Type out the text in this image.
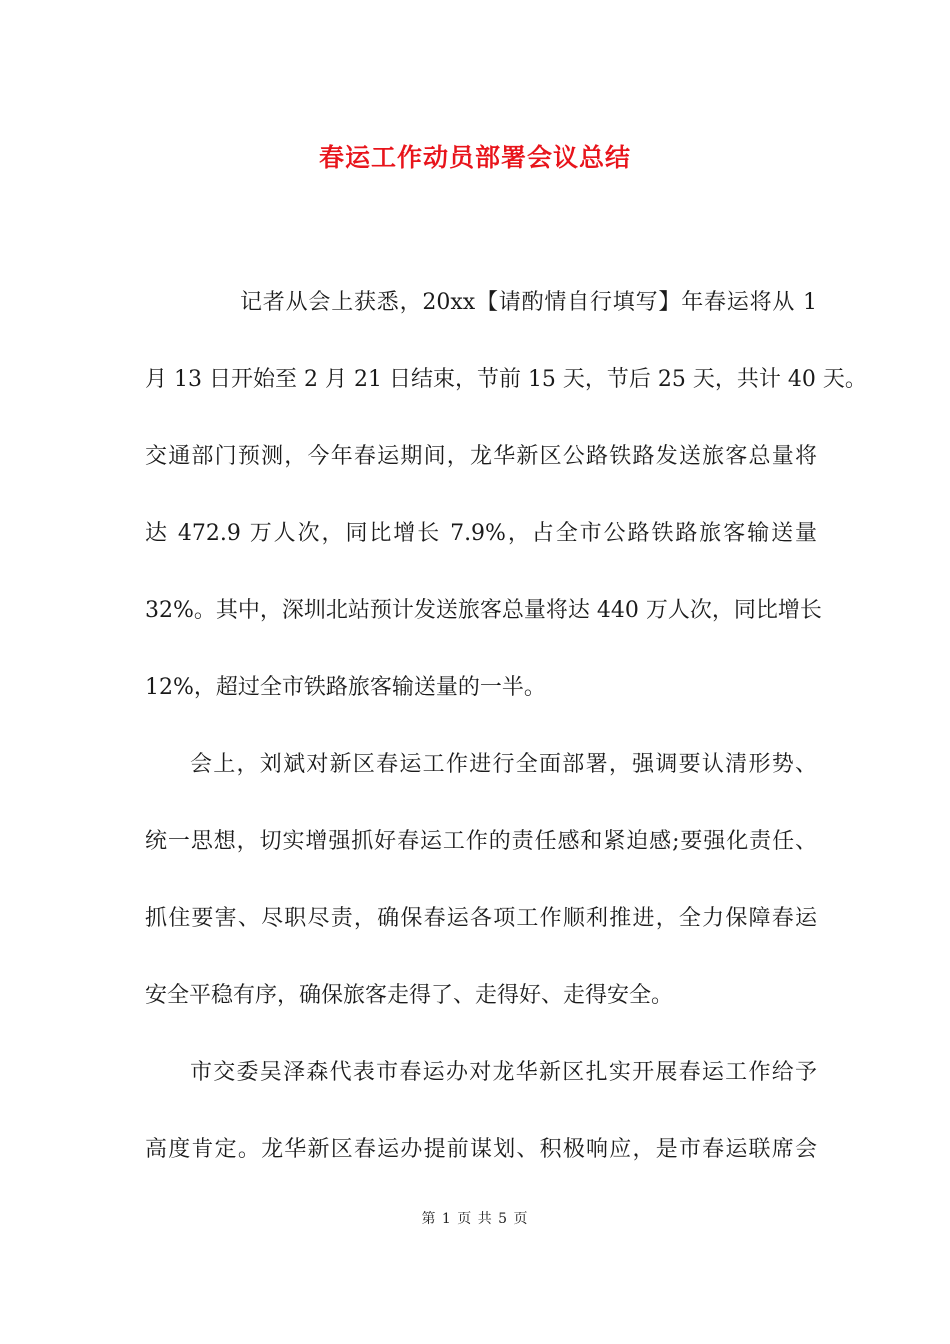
春运工作动员部署会议总结
记者从会上获悉，20xx【请酌情自行填写】年春运将从 1
月 13 日开始至 2 月 21 日结束，节前 15 天，节后 25 天，共计 40 天。
交通部门预测，今年春运期间，龙华新区公路铁路发送旅客总量将
达 472.9 万人次，同比增长 7.9%，占全市公路铁路旅客输送量
32%。其中，深圳北站预计发送旅客总量将达 440 万人次，同比增长
12%，超过全市铁路旅客输送量的一半。
会上，刘斌对新区春运工作进行全面部署，强调要认清形势、
统一思想，切实增强抓好春运工作的责任感和紧迫感;要强化责任、
抓住要害、尽职尽责，确保春运各项工作顺利推进，全力保障春运
安全平稳有序，确保旅客走得了、走得好、走得安全。
市交委吴泽森代表市春运办对龙华新区扎实开展春运工作给予
高度肯定。龙华新区春运办提前谋划、积极响应，是市春运联席会
第 1 页 共 5 页
